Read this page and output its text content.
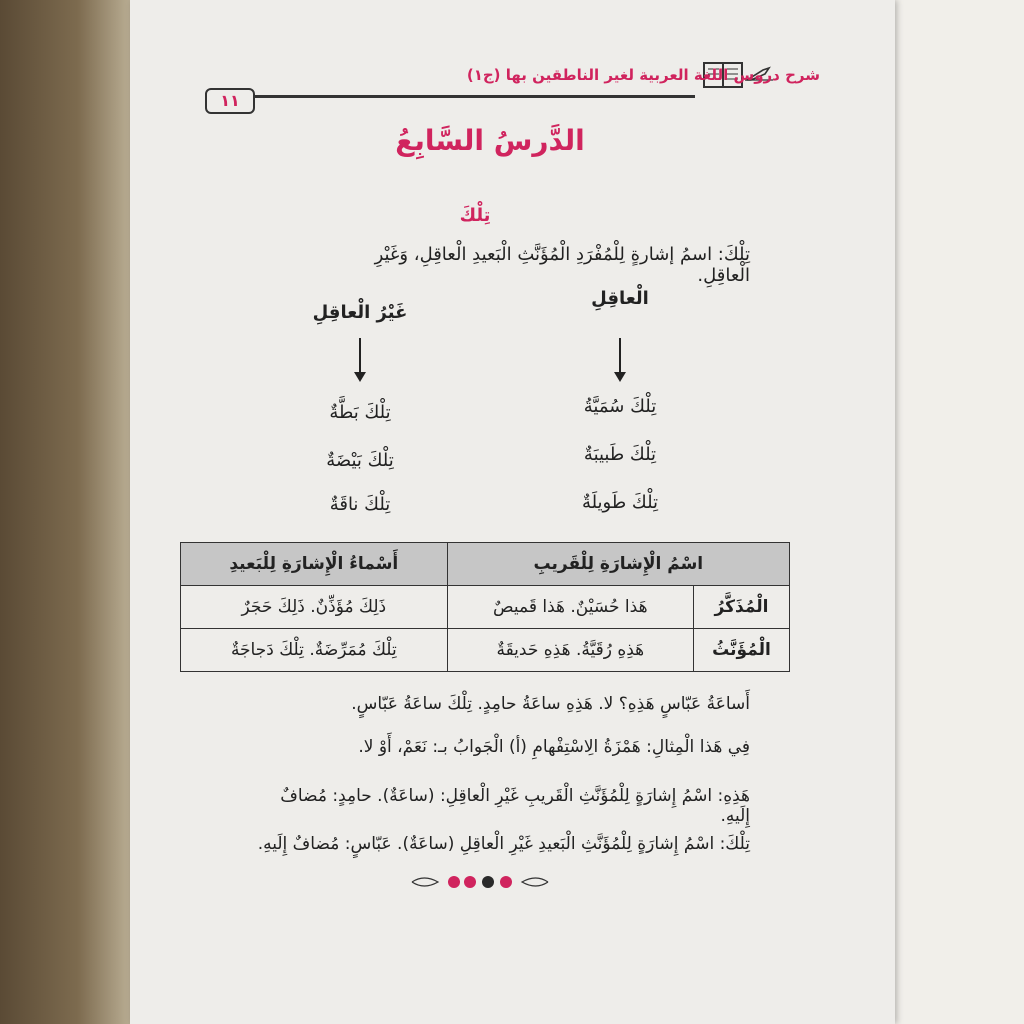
شرح دروس اللغة العربية لغير الناطقين بها (ج١)
١١
الدَّرسُ السَّابِعُ
تِلْكَ
تِلْكَ: اسمُ إشارةٍ لِلْمُفْرَدِ الْمُؤَنَّثِ الْبَعيدِ الْعاقِلِ، وَغَيْرِ الْعاقِلِ.
الْعاقِلِ
غَيْرُ الْعاقِلِ
تِلْكَ سُمَيَّةُ
تِلْكَ طَبيبَةٌ
تِلْكَ طَويلَةٌ
تِلْكَ بَطَّةٌ
تِلْكَ بَيْضَةٌ
تِلْكَ ناقَةٌ
اسْمُ الْإِشارَةِ لِلْقَريبِ		أَسْماءُ الْإِشارَةِ لِلْبَعيدِ
الْمُذَكَّرُ	هَذا حُسَيْنٌ. هَذا قَميصٌ	ذَلِكَ مُؤَذِّنٌ. ذَلِكَ حَجَرٌ
الْمُؤَنَّثُ	هَذِهِ رُقَيَّةُ. هَذِهِ حَديقَةٌ	تِلْكَ مُمَرِّضَةٌ. تِلْكَ دَجاجَةٌ
أَساعَةُ عَبّاسٍ هَذِهِ؟ لا. هَذِهِ ساعَةُ حامِدٍ. تِلْكَ ساعَةُ عَبّاسٍ.
فِي هَذا الْمِثالِ: هَمْزَةُ الِاسْتِفْهامِ (أ) الْجَوابُ بـ: نَعَمْ، أَوْ لا.
هَذِهِ: اسْمُ إِشارَةٍ لِلْمُؤَنَّثِ الْقَريبِ غَيْرِ الْعاقِلِ: (ساعَةٌ). حامِدٍ: مُضافٌ إِلَيهِ.
تِلْكَ: اسْمُ إِشارَةٍ لِلْمُؤَنَّثِ الْبَعيدِ غَيْرِ الْعاقِلِ (ساعَةٌ). عَبّاسٍ: مُضافٌ إِلَيهِ.
